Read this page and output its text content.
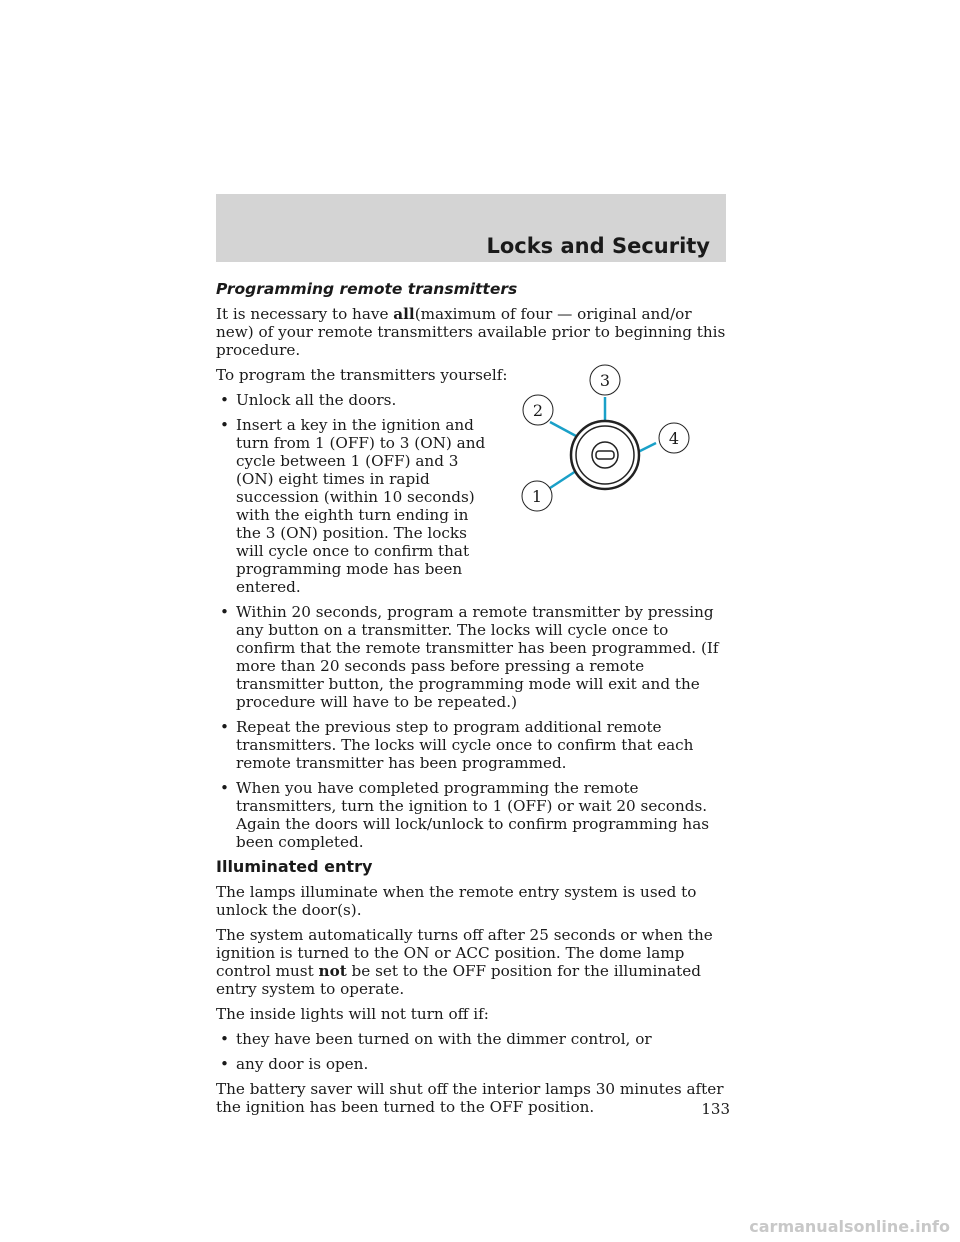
Locks and Security

Programming remote transmitters

It is necessary to have all(maximum of four — original and/or new) of your remote transmitters available prior to beginning this procedure.

To program the transmitters yourself:

• Unlock all the doors.
• Insert a key in the ignition and turn from 1 (OFF) to 3 (ON) and cycle between 1 (OFF) and 3 (ON) eight times in rapid succession (within 10 seconds) with the eighth turn ending in the 3 (ON) position. The locks will cycle once to confirm that programming mode has been entered.
• Within 20 seconds, program a remote transmitter by pressing any button on a transmitter. The locks will cycle once to confirm that the remote transmitter has been programmed. (If more than 20 seconds pass before pressing a remote transmitter button, the programming mode will exit and the procedure will have to be repeated.)
• Repeat the previous step to program additional remote transmitters. The locks will cycle once to confirm that each remote transmitter has been programmed.
• When you have completed programming the remote transmitters, turn the ignition to 1 (OFF) or wait 20 seconds. Again the doors will lock/unlock to confirm programming has been completed.

Illuminated entry

The lamps illuminate when the remote entry system is used to unlock the door(s).

The system automatically turns off after 25 seconds or when the ignition is turned to the ON or ACC position. The dome lamp control must not be set to the OFF position for the illuminated entry system to operate.

The inside lights will not turn off if:

• they have been turned on with the dimmer control, or
• any door is open.

The battery saver will shut off the interior lamps 30 minutes after the ignition has been turned to the OFF position.

3
2
4
1
133
carmanualsonline.info
